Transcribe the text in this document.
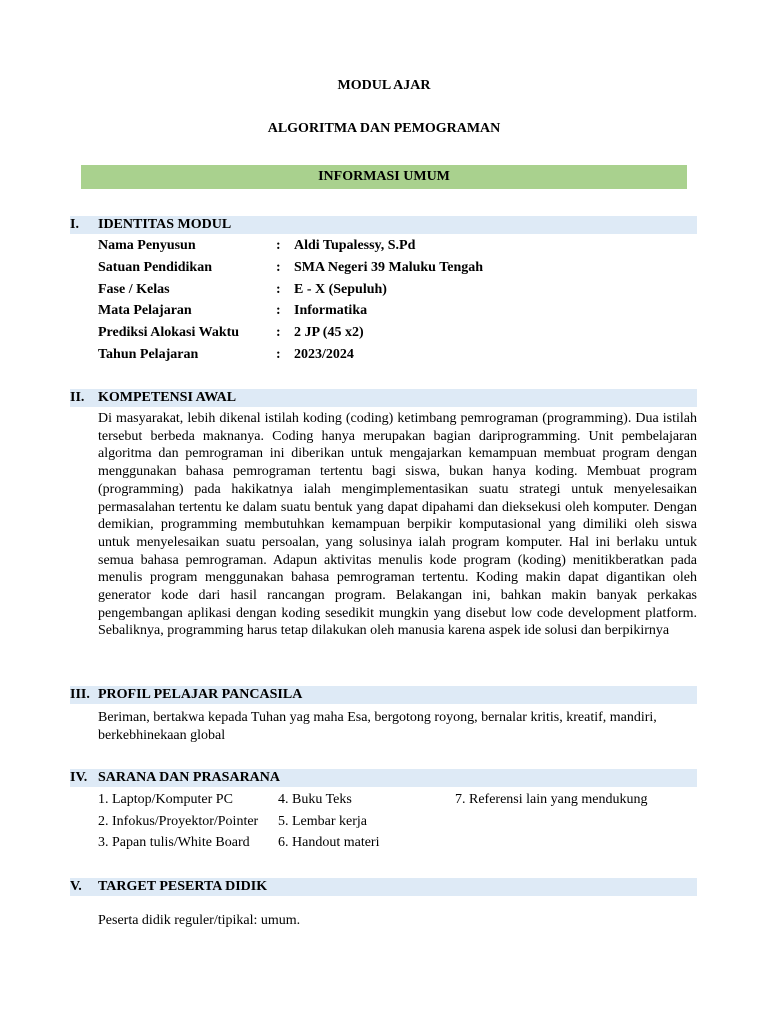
MODUL AJAR
ALGORITMA DAN PEMOGRAMAN
INFORMASI UMUM
I. IDENTITAS MODUL
Nama Penyusun	: Aldi Tupalessy, S.Pd
Satuan Pendidikan	: SMA Negeri 39 Maluku Tengah
Fase / Kelas	: E - X (Sepuluh)
Mata Pelajaran	: Informatika
Prediksi Alokasi Waktu	: 2 JP (45 x2)
Tahun Pelajaran	: 2023/2024
II. KOMPETENSI AWAL
Di masyarakat, lebih dikenal istilah koding (coding) ketimbang pemrograman (programming). Dua istilah tersebut berbeda maknanya. Coding hanya merupakan bagian dariprogramming. Unit pembelajaran algoritma dan pemrograman ini diberikan untuk mengajarkan kemampuan membuat program dengan menggunakan bahasa pemrograman tertentu bagi siswa, bukan hanya koding. Membuat program (programming) pada hakikatnya ialah mengimplementasikan suatu strategi untuk menyelesaikan permasalahan tertentu ke dalam suatu bentuk yang dapat dipahami dan dieksekusi oleh komputer. Dengan demikian, programming membutuhkan kemampuan berpikir komputasional yang dimiliki oleh siswa untuk menyelesaikan suatu persoalan, yang solusinya ialah program komputer. Hal ini berlaku untuk semua bahasa pemrograman. Adapun aktivitas menulis kode program (koding) menitikberatkan pada menulis program menggunakan bahasa pemrograman tertentu. Koding makin dapat digantikan oleh generator kode dari hasil rancangan program. Belakangan ini, bahkan makin banyak perkakas pengembangan aplikasi dengan koding sesedikit mungkin yang disebut low code development platform. Sebaliknya, programming harus tetap dilakukan oleh manusia karena aspek ide solusi dan berpikirnya
III. PROFIL PELAJAR PANCASILA
Beriman, bertakwa kepada Tuhan yag maha Esa, bergotong royong, bernalar kritis, kreatif, mandiri, berkebhinekaan global
IV. SARANA DAN PRASARANA
1. Laptop/Komputer PC
2. Infokus/Proyektor/Pointer
3. Papan tulis/White Board
4. Buku Teks
5. Lembar kerja
6. Handout materi
7. Referensi lain yang mendukung
V. TARGET PESERTA DIDIK
Peserta didik reguler/tipikal: umum.
